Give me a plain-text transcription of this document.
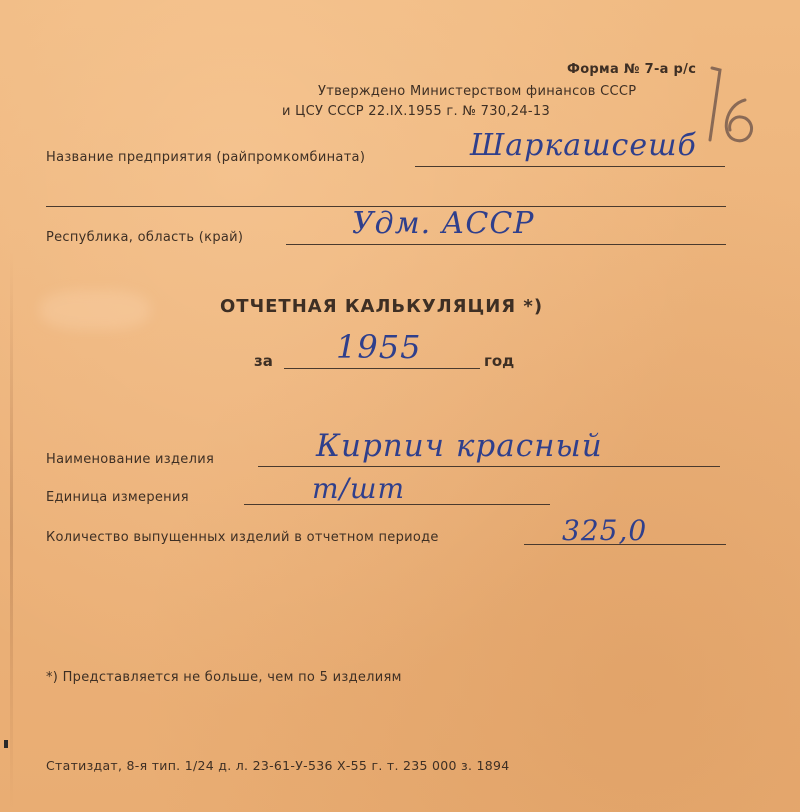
Форма № 7-а р/с
Утверждено Министерством финансов СССР
и ЦСУ СССР 22.IX.1955 г. № 730,24-13
16
Название предприятия (райпромкомбината)	Шаркашсешб
Республика, область (край)	Удм. АССР
ОТЧЕТНАЯ КАЛЬКУЛЯЦИЯ *)
за 1955	год
Наименование изделия	Кирпич красный
Единица измерения	т/шт
Количество выпущенных изделий в отчетном периоде	325,0
*) Представляется не больше, чем по 5 изделиям
Статиздат, 8-я тип. 1/24 д. л. 23-61-У-536 Х-55 г. т. 235 000 з. 1894
